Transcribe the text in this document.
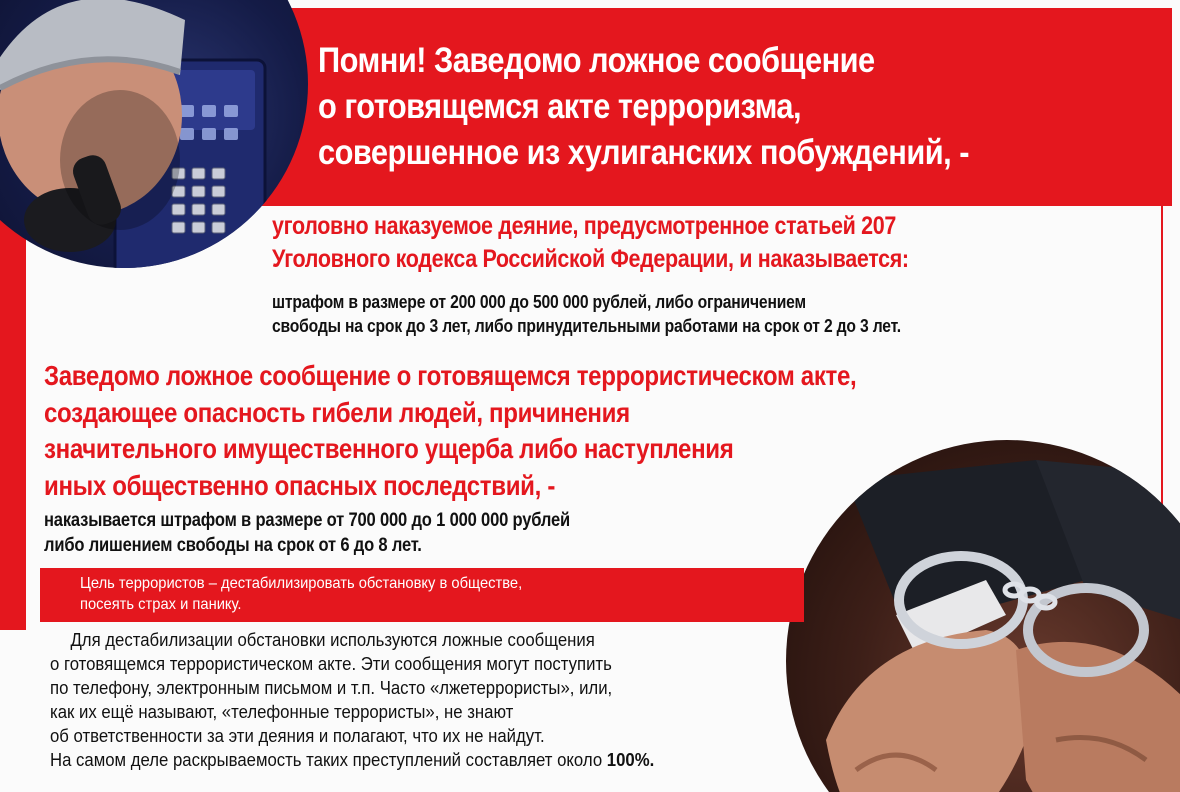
Помни! Заведомо ложное сообщение
о готовящемся акте терроризма,
совершенное из хулиганских побуждений, -

уголовно наказуемое деяние, предусмотренное статьей 207
Уголовного кодекса Российской Федерации, и наказывается:

штрафом в размере от 200 000 до 500 000 рублей, либо ограничением
свободы на срок до 3 лет, либо принудительными работами на срок от 2 до 3 лет.

Заведомо ложное сообщение о готовящемся террористическом акте,
создающее опасность гибели людей, причинения
значительного имущественного ущерба либо наступления
иных общественно опасных последствий, -

наказывается штрафом в размере от 700 000 до 1 000 000 рублей
либо лишением свободы на срок от 6 до 8 лет.

Цель террористов – дестабилизировать обстановку в обществе,
посеять страх и панику.

Для дестабилизации обстановки используются ложные сообщения
о готовящемся террористическом акте. Эти сообщения могут поступить
по телефону, электронным письмом и т.п. Часто «лжетеррористы», или,
как их ещё называют, «телефонные террористы», не знают
об ответственности за эти деяния и полагают, что их не найдут.
На самом деле раскрываемость таких преступлений составляет около 100%.
